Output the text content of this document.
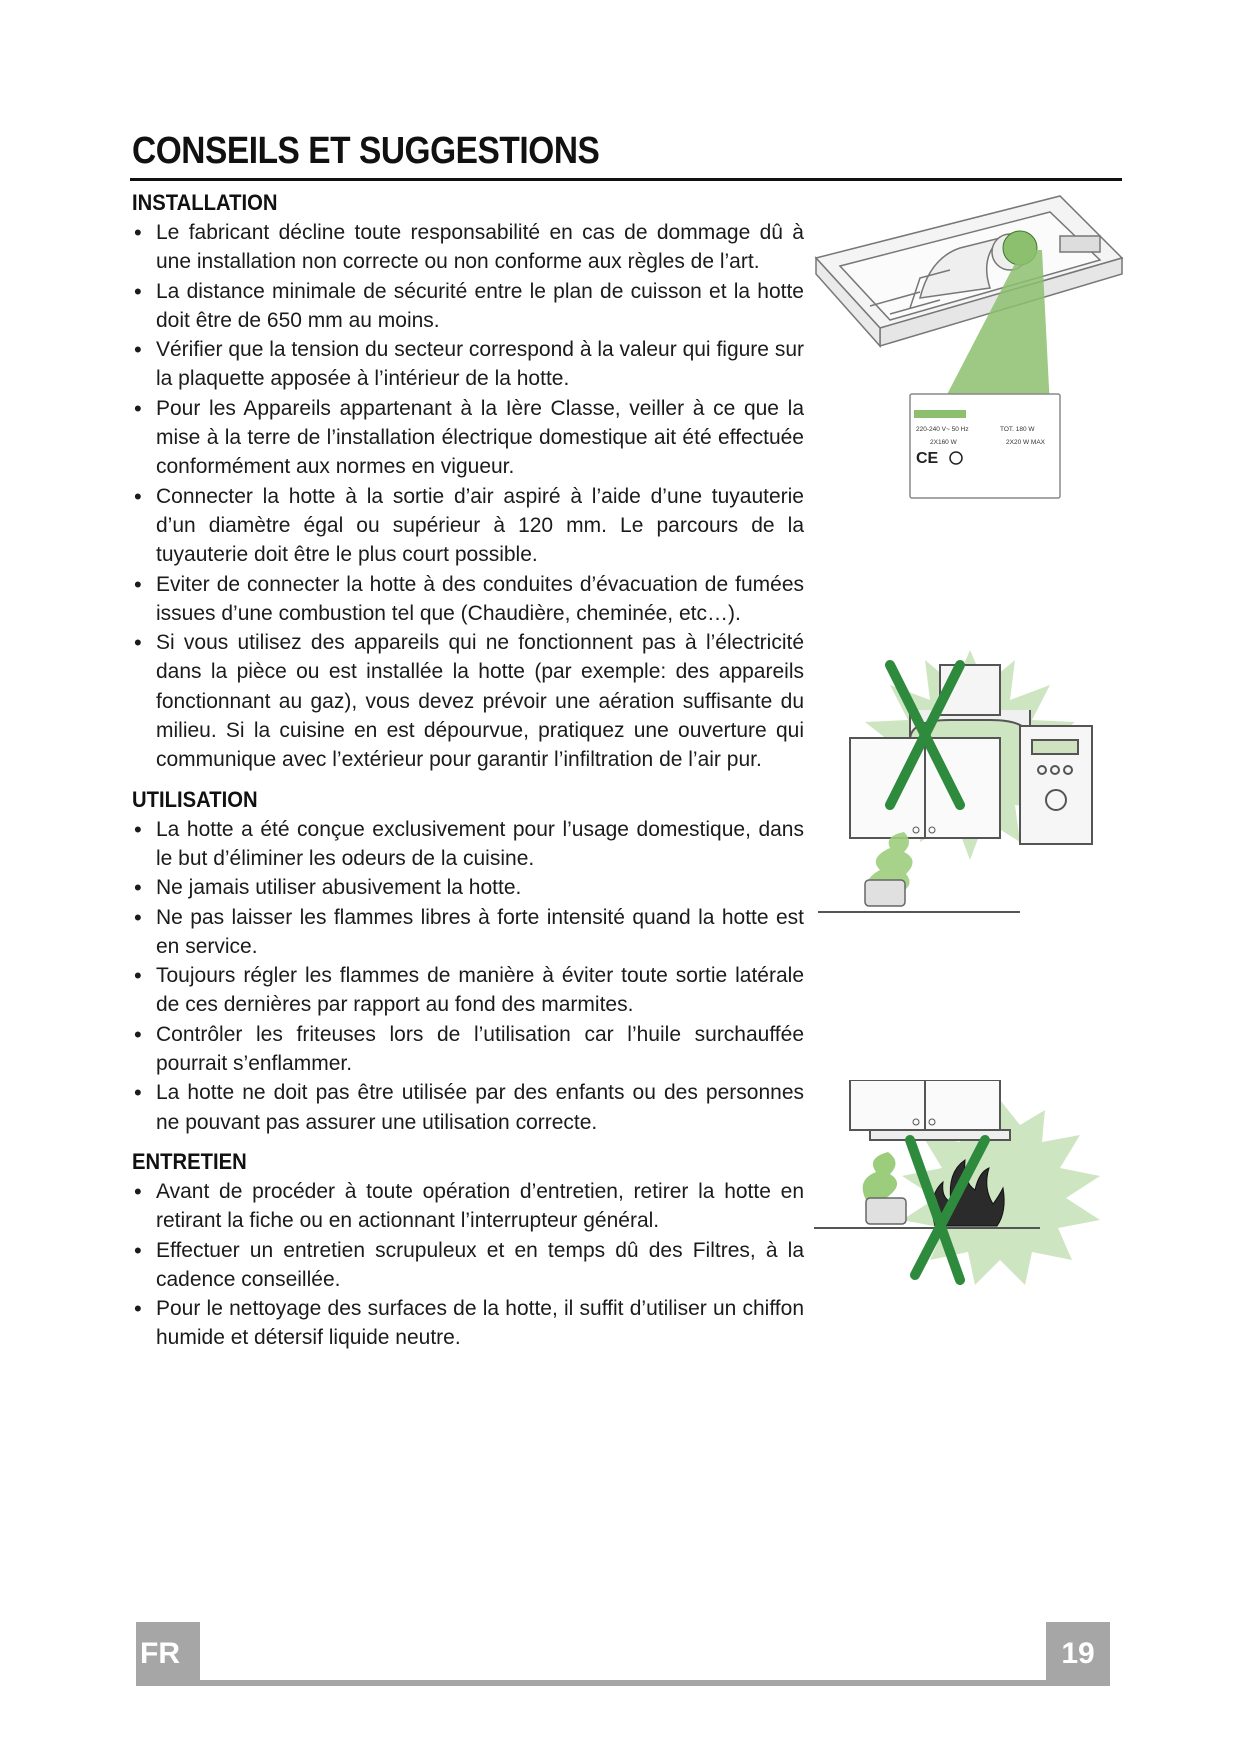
CONSEILS ET SUGGESTIONS
INSTALLATION
• Le fabricant décline toute responsabilité en cas de dommage dû à une installation non correcte ou non conforme aux règles de l’art.
• La distance minimale de sécurité entre le plan de cuisson et la hotte doit être de 650 mm au moins.
• Vérifier que la tension du secteur correspond à la valeur qui figure sur la plaquette apposée à l’intérieur de la hotte.
• Pour les Appareils appartenant à la Ière Classe, veiller à ce que la mise à la terre de l’installation électrique domestique ait été effectuée conformément aux normes en vigueur.
• Connecter la hotte à la sortie d’air aspiré à l’aide d’une tuyauterie d’un diamètre égal ou supérieur à 120 mm. Le parcours de la tuyauterie doit être le plus court possible.
• Eviter de connecter la hotte à des conduites d’évacuation de fumées issues d’une combustion tel que (Chaudière, cheminée, etc…).
• Si vous utilisez des appareils qui ne fonctionnent pas à l’électricité dans la pièce ou est installée la hotte (par exemple: des appareils fonctionnant au gaz), vous devez prévoir une aération suffisante du milieu. Si la cuisine en est dépourvue, pratiquez une ouverture qui communique avec l’extérieur pour garantir l’infiltration de l’air pur.
UTILISATION
• La hotte a été conçue exclusivement pour l’usage domestique, dans le but d’éliminer les odeurs de la cuisine.
• Ne jamais utiliser abusivement la hotte.
• Ne pas laisser les flammes libres à forte intensité quand la hotte est en service.
• Toujours régler les flammes de manière à éviter toute sortie latérale de ces dernières par rapport au fond des marmites.
• Contrôler les friteuses lors de l’utilisation car l’huile surchauffée pourrait s’enflammer.
• La hotte ne doit pas être utilisée par des enfants ou des personnes ne pouvant pas assurer une utilisation correcte.
ENTRETIEN
• Avant de procéder à toute opération d’entretien, retirer la hotte en retirant la fiche ou en actionnant l’interrupteur général.
• Effectuer un entretien scrupuleux et en temps dû des Filtres, à la cadence conseillée.
• Pour le nettoyage des surfaces de la hotte, il suffit d’utiliser un chiffon humide et détersif liquide neutre.
220-240 V~ 50 Hz	TOT. 180 W
2X160 W	2X20 W MAX
CE
FR	19
